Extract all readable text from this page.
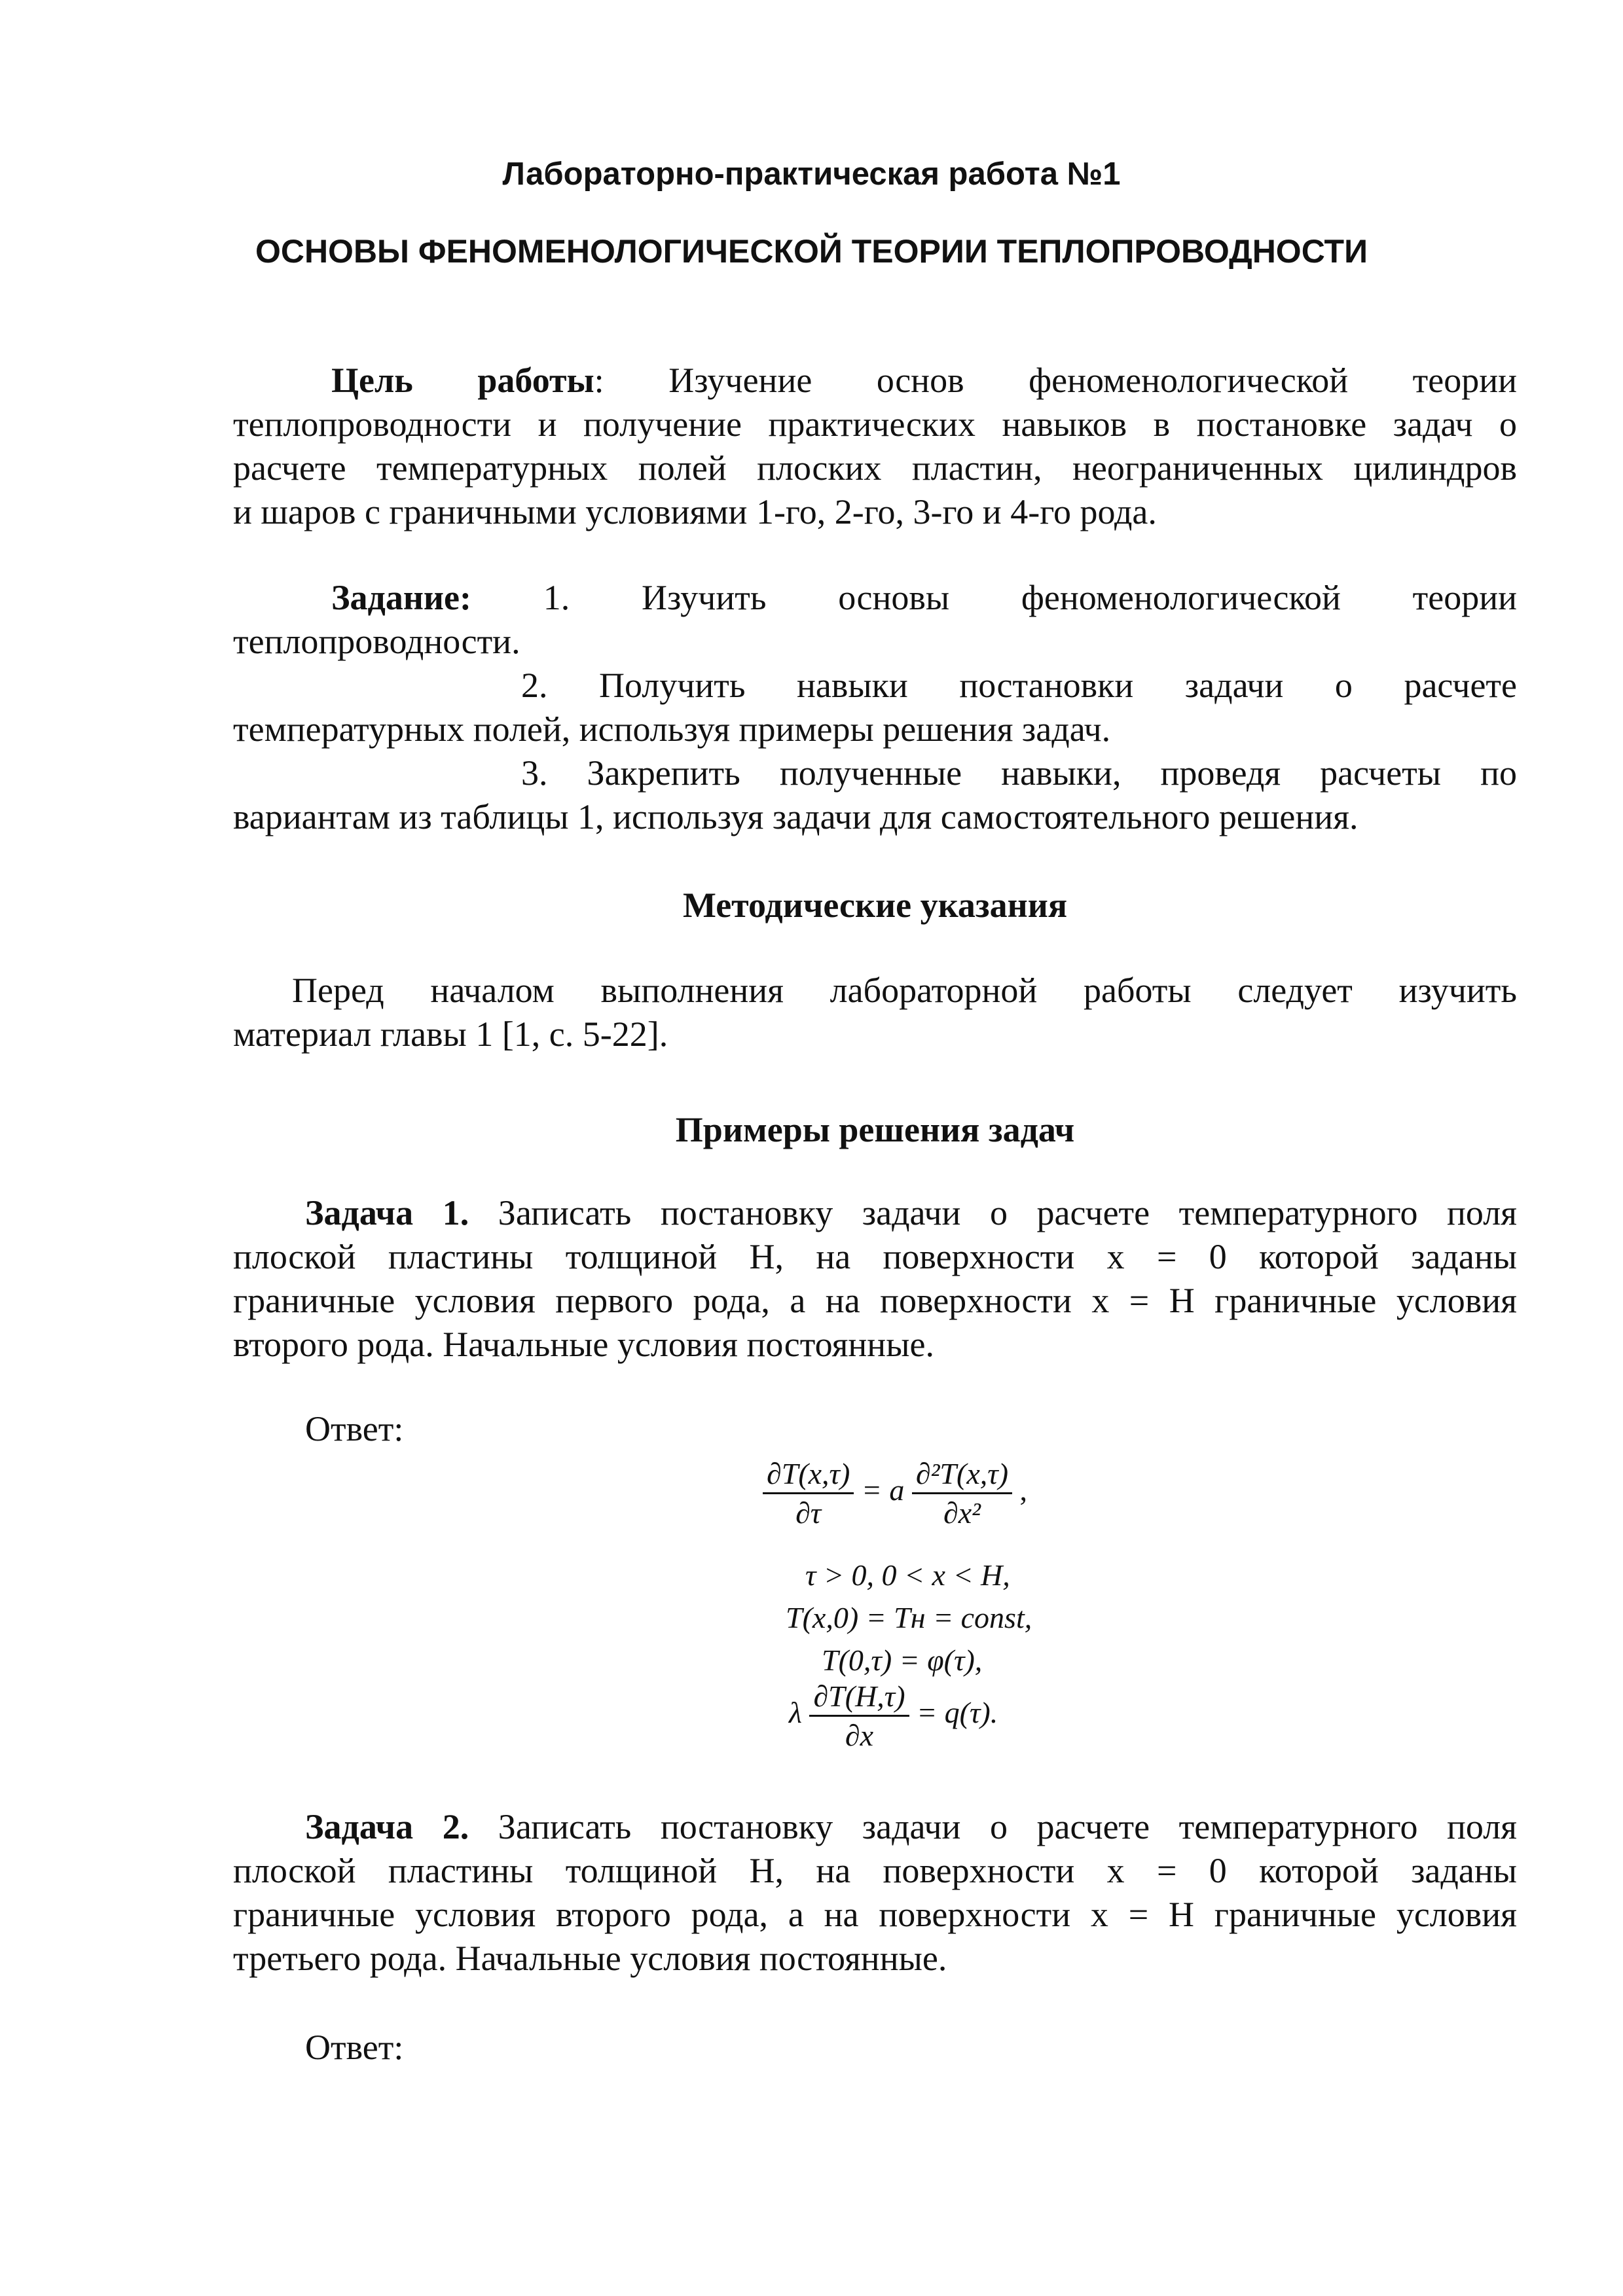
Лабораторно-практическая работа №1
ОСНОВЫ ФЕНОМЕНОЛОГИЧЕСКОЙ ТЕОРИИ ТЕПЛОПРОВОДНОСТИ
Цель работы: Изучение основ феноменологической теории
теплопроводности и получение практических навыков в постановке задач о
расчете температурных полей плоских пластин, неограниченных цилиндров
и шаров с граничными условиями 1-го, 2-го, 3-го и 4-го рода.
Задание: 1. Изучить основы феноменологической теории
теплопроводности.
2. Получить навыки постановки задачи о расчете
температурных полей, используя примеры решения задач.
3. Закрепить полученные навыки, проведя расчеты по
вариантам из таблицы 1, используя задачи для самостоятельного решения.
Методические указания
Перед началом выполнения лабораторной работы следует изучить
материал главы 1 [1, с. 5-22].
Примеры решения задач
Задача 1. Записать постановку задачи о расчете температурного поля
плоской пластины толщиной Н, на поверхности x = 0 которой заданы
граничные условия первого рода, а на поверхности x = Н граничные условия
второго рода. Начальные условия постоянные.
Ответ:
$\frac{\partial T(x,\tau)}{\partial\tau} = a \frac{\text{∂²T(x,τ)}}{\text{∂x²}}$ ,
τ > 0, 0 < x < H,
T(x,0) = Tн = const,
T(0,τ) = φ(τ),
λ $\frac{\partial T(H,\tau)}{\partial x} = q(\tau)$.
Задача 2. Записать постановку задачи о расчете температурного поля
плоской пластины толщиной Н, на поверхности x = 0 которой заданы
граничные условия второго рода, а на поверхности x = Н граничные условия
третьего рода. Начальные условия постоянные.
Ответ:
